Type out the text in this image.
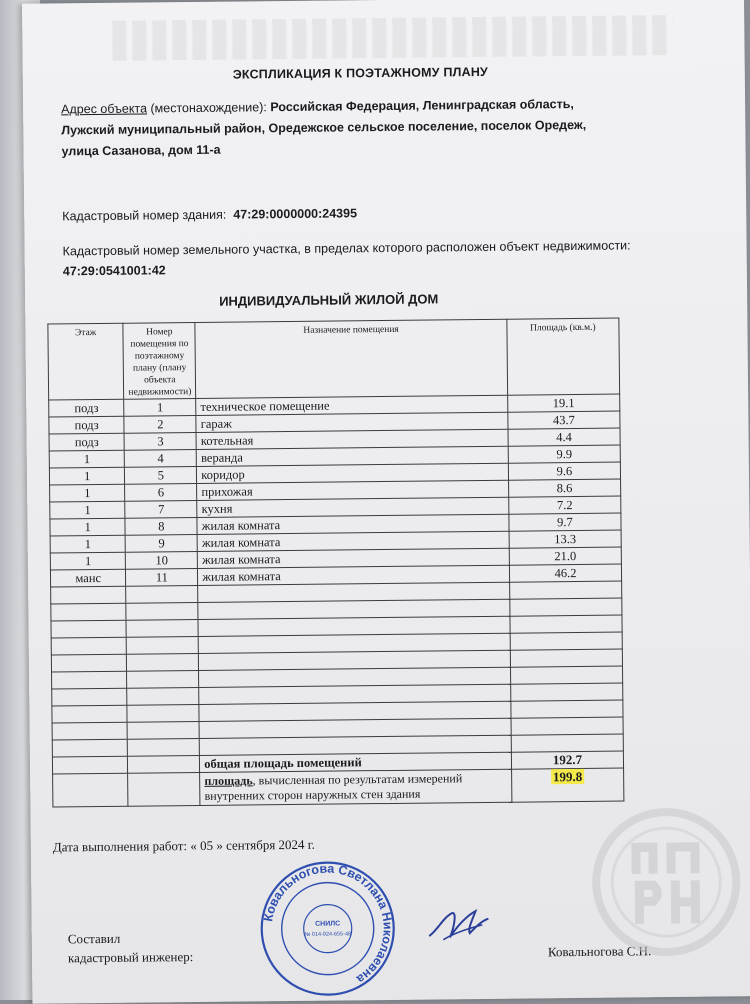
ЭКСПЛИКАЦИЯ К ПОЭТАЖНОМУ ПЛАНУ
Адрес объекта (местонахождение): Российская Федерация, Ленинградская область, Лужский муниципальный район, Оредежское сельское поселение, поселок Оредеж, улица Сазанова, дом 11-а
Кадастровый номер здания: 47:29:0000000:24395
Кадастровый номер земельного участка, в пределах которого расположен объект недвижимости:
47:29:0541001:42
ИНДИВИДУАЛЬНЫЙ ЖИЛОЙ ДОМ
Этаж	Номер помещения по поэтажному плану (плану объекта недвижимости)	Назначение помещения	Площадь (кв.м.)
подз	1	техническое помещение	19.1
подз	2	гараж	43.7
подз	3	котельная	4.4
1	4	веранда	9.9
1	5	коридор	9.6
1	6	прихожая	8.6
1	7	кухня	7.2
1	8	жилая комната	9.7
1	9	жилая комната	13.3
1	10	жилая комната	21.0
манс	11	жилая комната	46.2

		общая площадь помещений	192.7
		площадь, вычисленная по результатам измерений внутренних сторон наружных стен здания	199.8
Дата выполнения работ: « 05 » сентября 2024 г.
Составил
кадастровый инженер:
Ковальногова Светлана Николаевна
СНИЛС
№ 014-924-655-48
Ковальногова С.Н.
